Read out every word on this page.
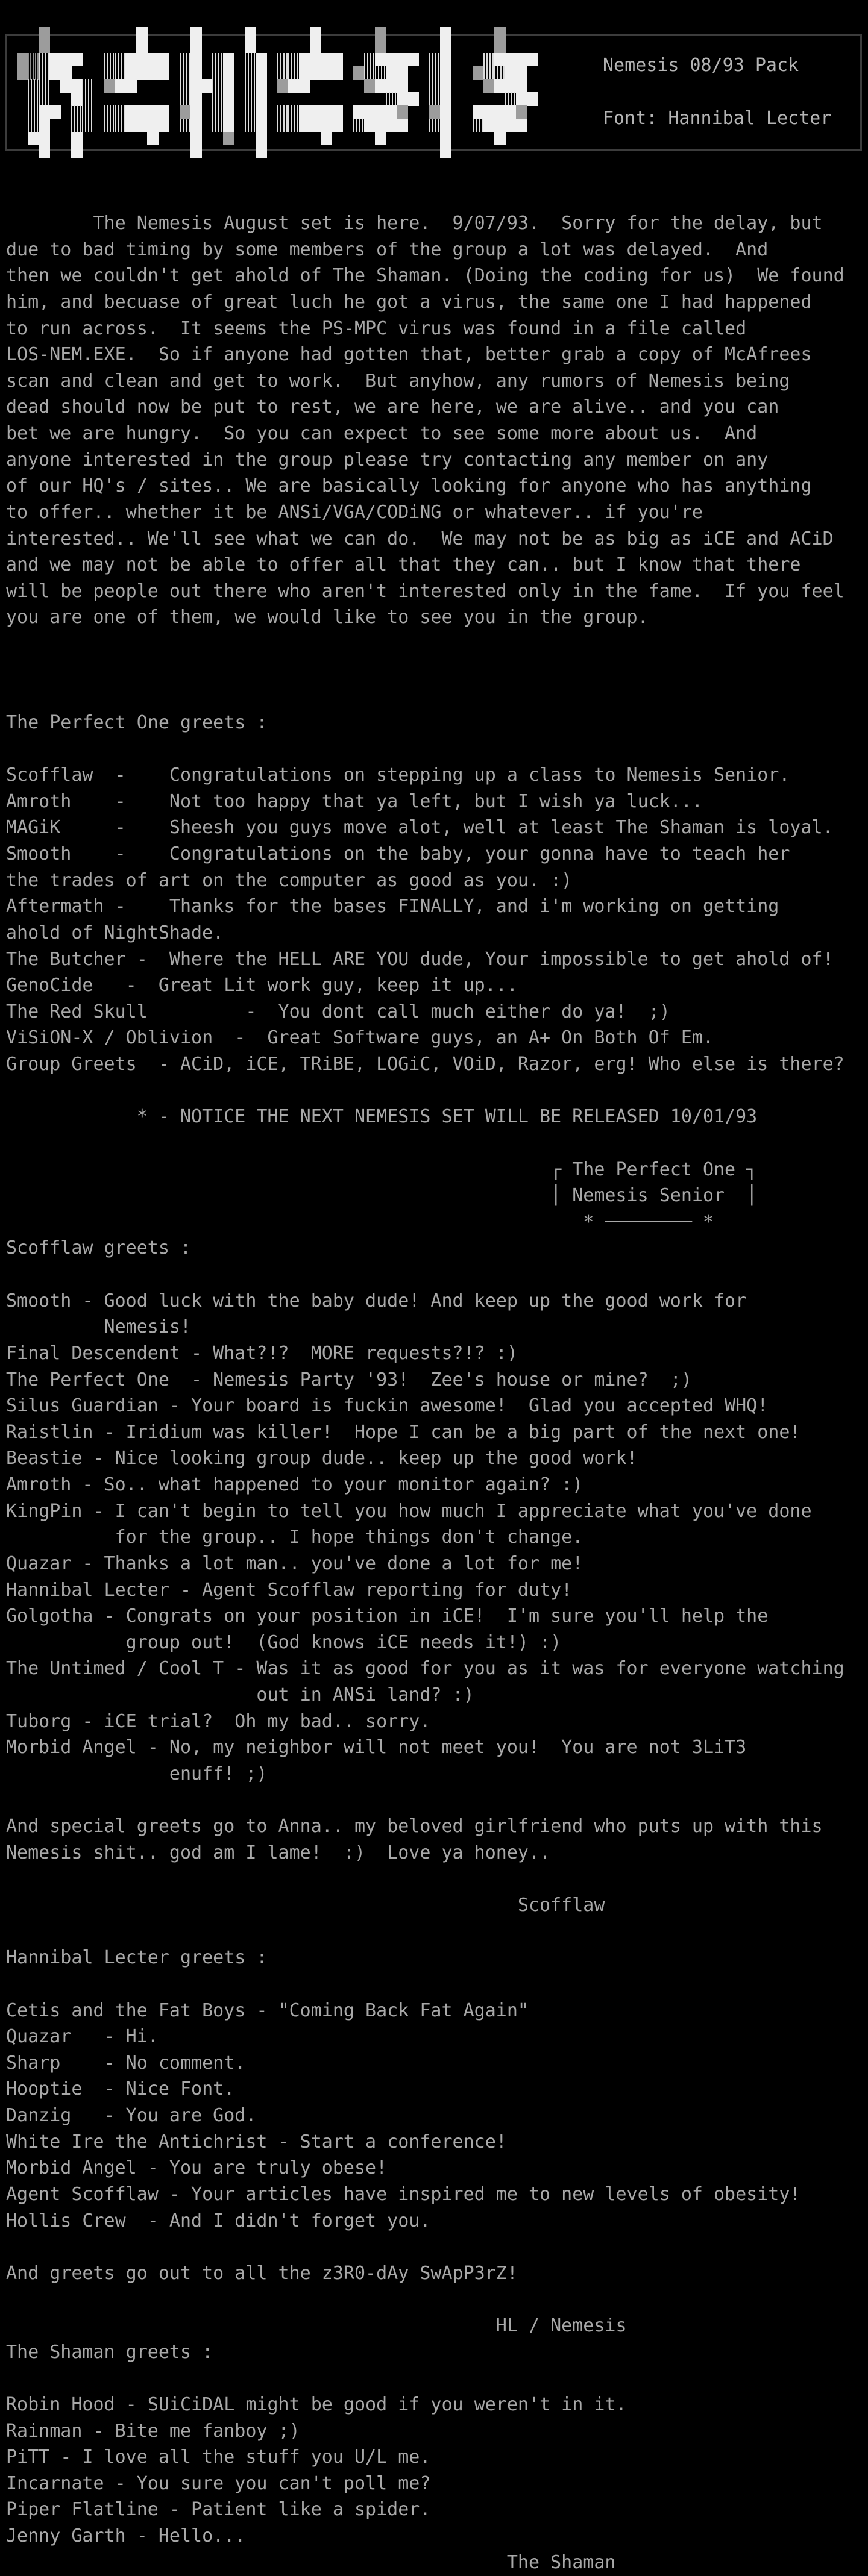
Nemesis 08/93 Pack
Font: Hannibal Lecter
The Nemesis August set is here.  9/07/93.  Sorry for the delay, but
due to bad timing by some members of the group a lot was delayed.  And
then we couldn't get ahold of The Shaman. (Doing the coding for us)  We found
him, and becuase of great luch he got a virus, the same one I had happened
to run across.  It seems the PS-MPC virus was found in a file called
LOS-NEM.EXE.  So if anyone had gotten that, better grab a copy of McAfrees
scan and clean and get to work.  But anyhow, any rumors of Nemesis being
dead should now be put to rest, we are here, we are alive.. and you can
bet we are hungry.  So you can expect to see some more about us.  And
anyone interested in the group please try contacting any member on any
of our HQ's / sites.. We are basically looking for anyone who has anything
to offer.. whether it be ANSi/VGA/CODiNG or whatever.. if you're
interested.. We'll see what we can do.  We may not be as big as iCE and ACiD
and we may not be able to offer all that they can.. but I know that there
will be people out there who aren't interested only in the fame.  If you feel
you are one of them, we would like to see you in the group.
The Perfect One greets :
Scofflaw  -    Congratulations on stepping up a class to Nemesis Senior.
Amroth    -    Not too happy that ya left, but I wish ya luck...
MAGiK     -    Sheesh you guys move alot, well at least The Shaman is loyal.
Smooth    -    Congratulations on the baby, your gonna have to teach her
the trades of art on the computer as good as you. :)
Aftermath -    Thanks for the bases FINALLY, and i'm working on getting
ahold of NightShade.
The Butcher -  Where the HELL ARE YOU dude, Your impossible to get ahold of!
GenoCide   -  Great Lit work guy, keep it up...
The Red Skull         -  You dont call much either do ya!  ;)
ViSiON-X / Oblivion  -  Great Software guys, an A+ On Both Of Em.
Group Greets  - ACiD, iCE, TRiBE, LOGiC, VOiD, Razor, erg! Who else is there?
* - NOTICE THE NEXT NEMESIS SET WILL BE RELEASED 10/01/93
┌ The Perfect One ┐
│ Nemesis Senior  │
* ──────── *
Scofflaw greets :
Smooth - Good luck with the baby dude! And keep up the good work for
Nemesis!
Final Descendent - What?!?  MORE requests?!? :)
The Perfect One  - Nemesis Party '93!  Zee's house or mine?  ;)
Silus Guardian - Your board is fuckin awesome!  Glad you accepted WHQ!
Raistlin - Iridium was killer!  Hope I can be a big part of the next one!
Beastie - Nice looking group dude.. keep up the good work!
Amroth - So.. what happened to your monitor again? :)
KingPin - I can't begin to tell you how much I appreciate what you've done
for the group.. I hope things don't change.
Quazar - Thanks a lot man.. you've done a lot for me!
Hannibal Lecter - Agent Scofflaw reporting for duty!
Golgotha - Congrats on your position in iCE!  I'm sure you'll help the
group out!  (God knows iCE needs it!) :)
The Untimed / Cool T - Was it as good for you as it was for everyone watching
out in ANSi land? :)
Tuborg - iCE trial?  Oh my bad.. sorry.
Morbid Angel - No, my neighbor will not meet you!  You are not 3LiT3
enuff! ;)
And special greets go to Anna.. my beloved girlfriend who puts up with this
Nemesis shit.. god am I lame!  :)  Love ya honey..
Scofflaw
Hannibal Lecter greets :
Cetis and the Fat Boys - "Coming Back Fat Again"
Quazar   - Hi.
Sharp    - No comment.
Hooptie  - Nice Font.
Danzig   - You are God.
White Ire the Antichrist - Start a conference!
Morbid Angel - You are truly obese!
Agent Scofflaw - Your articles have inspired me to new levels of obesity!
Hollis Crew  - And I didn't forget you.
And greets go out to all the z3R0-dAy SwApP3rZ!
HL / Nemesis
The Shaman greets :
Robin Hood - SUiCiDAL might be good if you weren't in it.
Rainman - Bite me fanboy ;)
PiTT - I love all the stuff you U/L me.
Incarnate - You sure you can't poll me?
Piper Flatline - Patient like a spider.
Jenny Garth - Hello...
The Shaman
